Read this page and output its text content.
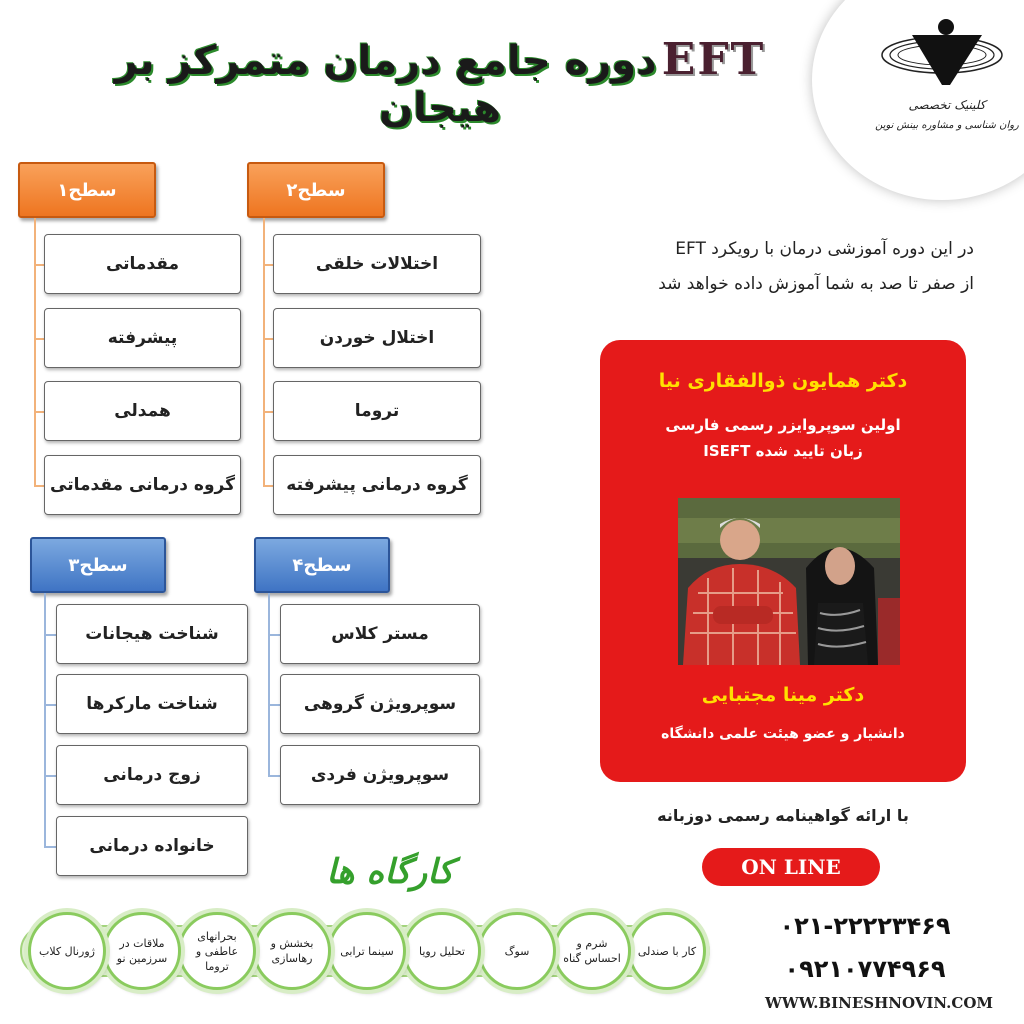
EFT دوره جامع درمان متمرکز بر هیجان	کلینیک تخصصی
روان شناسی و مشاوره بینش نوین
سطح۱
مقدماتی
پیشرفته
همدلی
گروه درمانی مقدماتی
سطح۲
اختلالات خلقی
اختلال خوردن
تروما
گروه درمانی پیشرفته
سطح۳
شناخت هیجانات
شناخت مارکرها
زوج درمانی
خانواده درمانی
سطح۴
مستر کلاس
سوپرویژن گروهی
سوپرویژن فردی
در این دوره آموزشی درمان با رویکرد EFT
از صفر تا صد به شما آموزش داده خواهد شد
دکتر همایون ذوالفقاری نیا
اولین سوپروایزر رسمی فارسی
زبان تایید شده ISEFT
دکتر مینا مجتبایی
دانشیار و عضو هیئت علمی دانشگاه
با ارائه گواهینامه رسمی دوزبانه
ON LINE
۰۲۱-۲۲۲۲۳۴۶۹
۰۹۲۱۰۷۷۴۹۶۹
WWW.BINESHNOVIN.COM
کارگاه ها
کار با صندلی
شرم و احساس گناه
سوگ
تحلیل رویا
سینما ترابی
بخشش و رهاسازی
بحرانهای عاطفی و تروما
ملاقات در سرزمین نو
ژورنال کلاب
